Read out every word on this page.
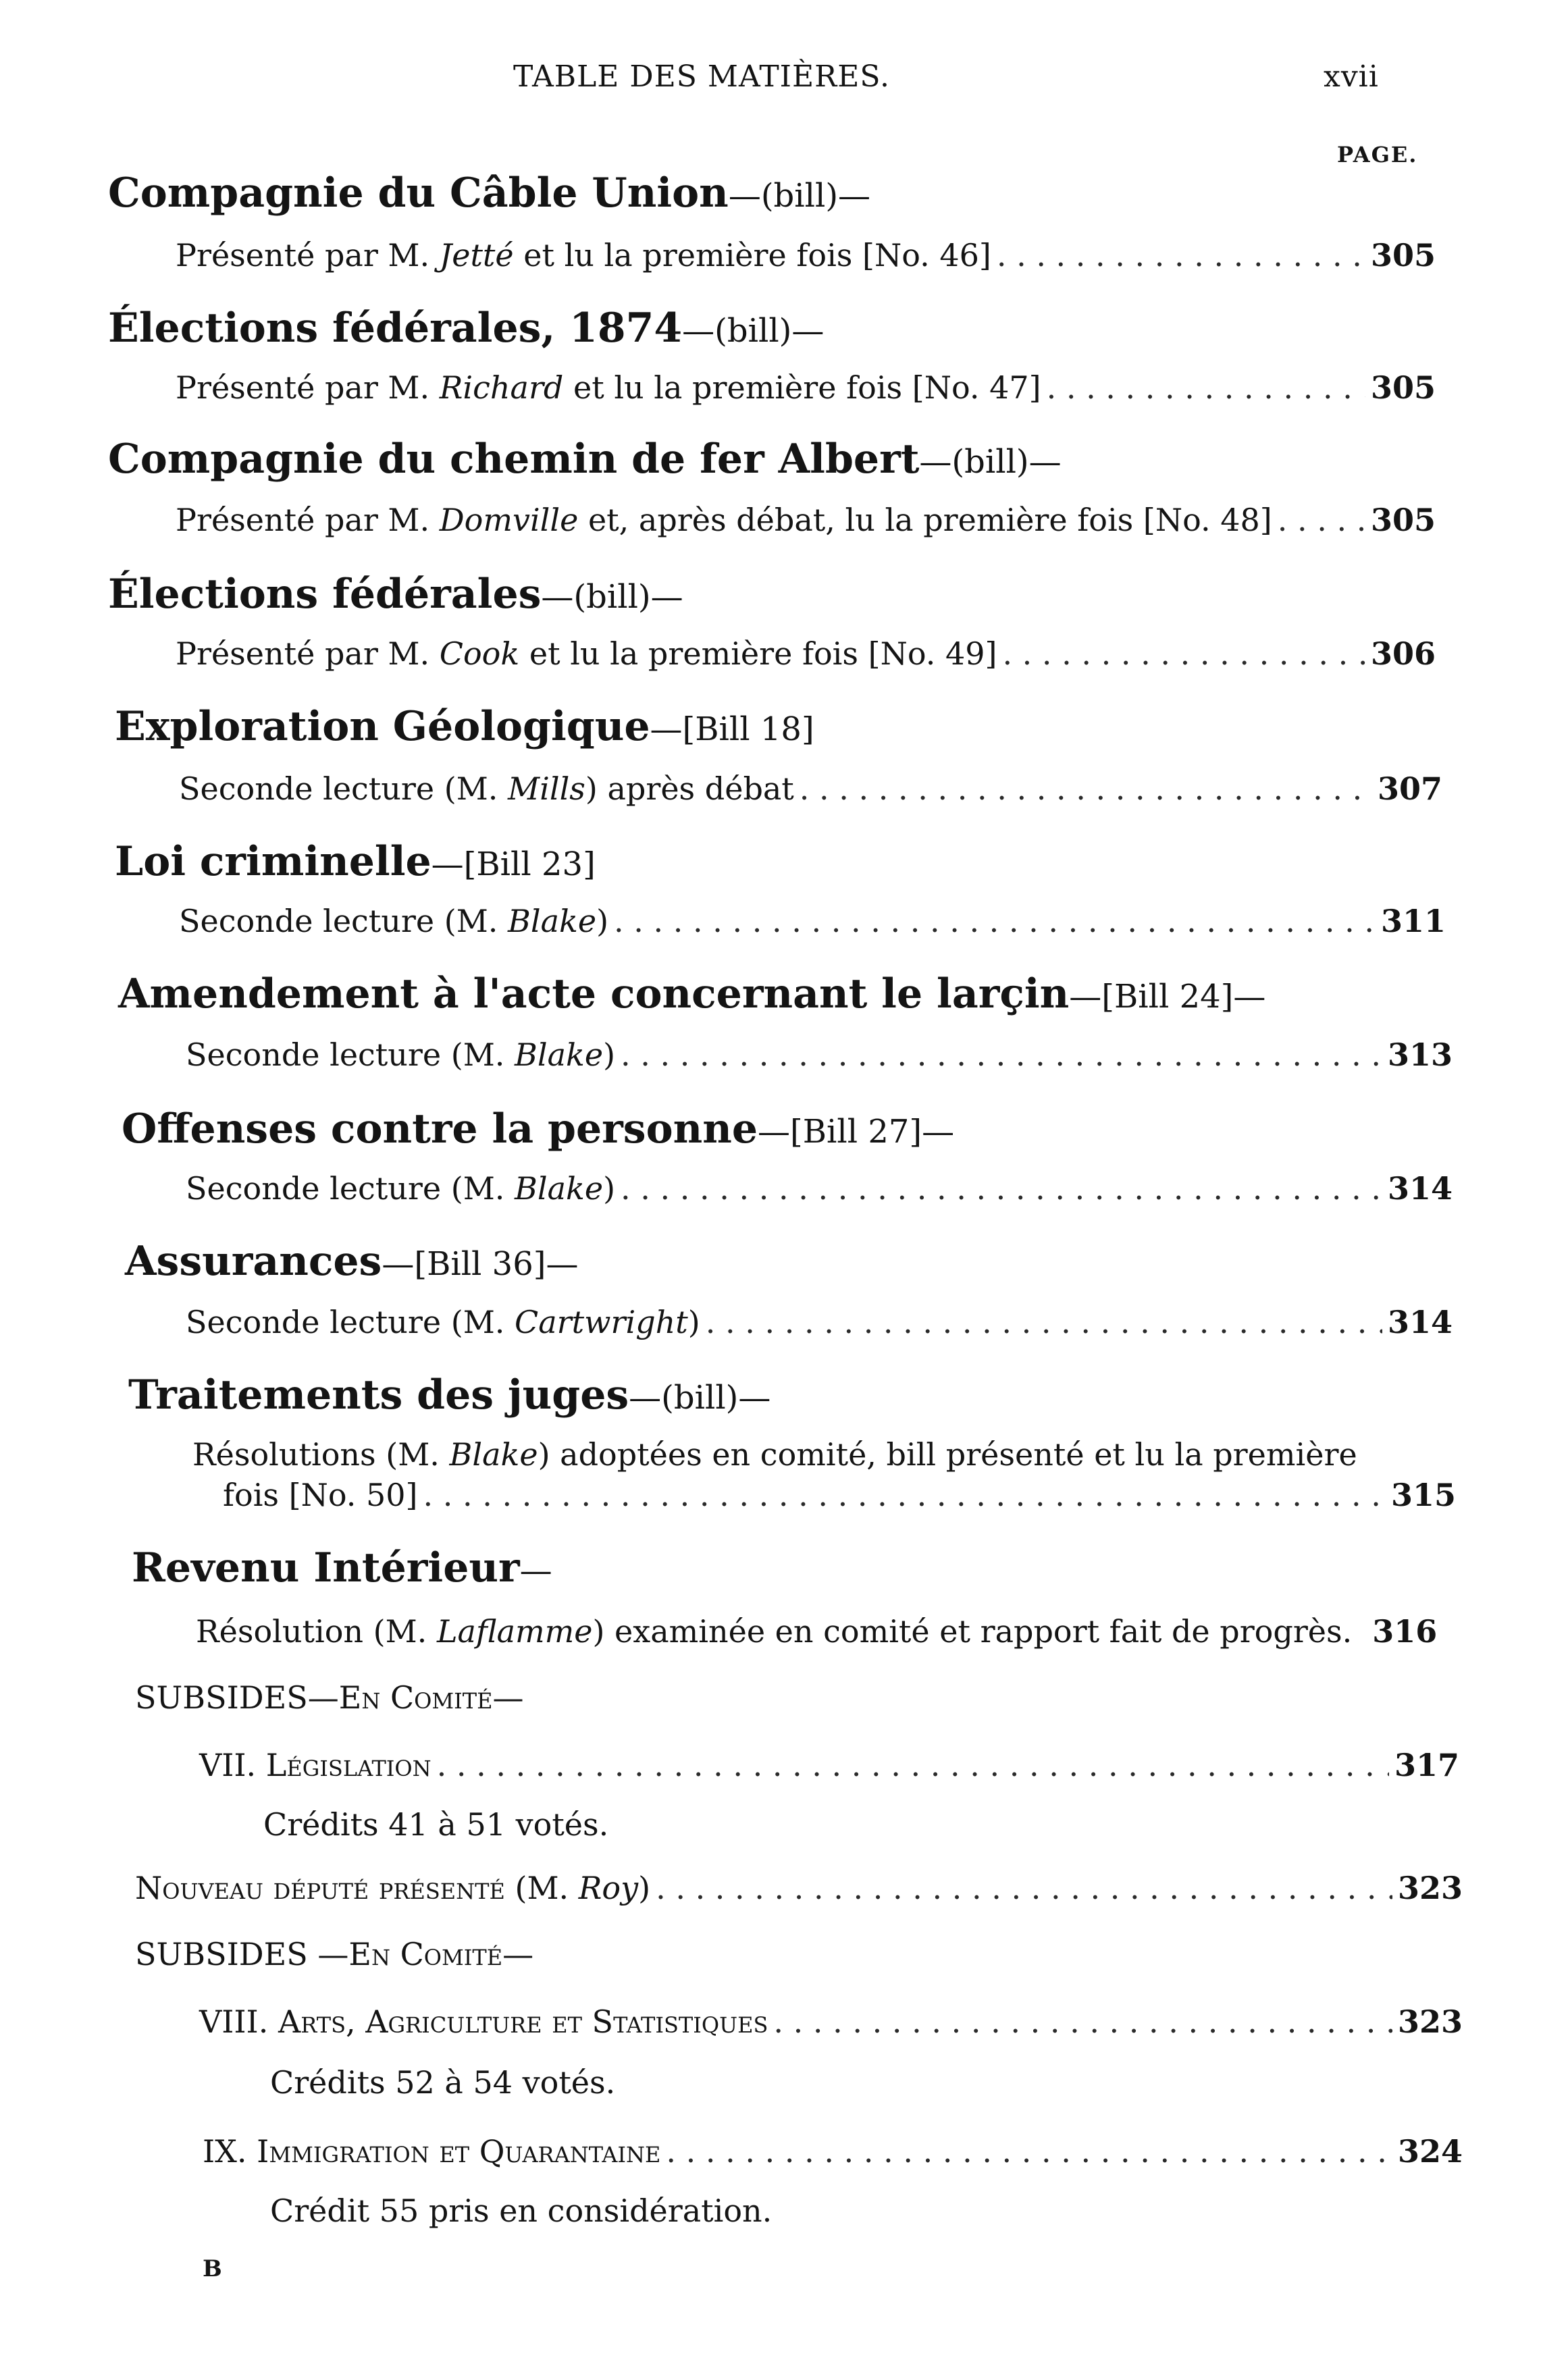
TABLE DES MATIÈRES.	xvii
PAGE.
Compagnie du Câble Union—(bill)—
Présenté par M. Jetté et lu la première fois [No. 46] . . .	305
Élections fédérales, 1874—(bill)—
Présenté par M. Richard et lu la première fois [No. 47] . . .	305
Compagnie du chemin de fer Albert—(bill)—
Présenté par M. Domville et, après débat, lu la première fois [No. 48] . . .	305
Élections fédérales—(bill)—
Présenté par M. Cook et lu la première fois [No. 49] . . .	306
Exploration Géologique—[Bill 18]
Seconde lecture (M. Mills) après débat . . .	307
Loi criminelle—[Bill 23]
Seconde lecture (M. Blake) . . .	311
Amendement à l'acte concernant le larçin—[Bill 24]—
Seconde lecture (M. Blake) . . .	313
Offenses contre la personne—[Bill 27]—
Seconde lecture (M. Blake) . . .	314
Assurances—[Bill 36]—
Seconde lecture (M. Cartwright) . . .	314
Traitements des juges—(bill)—
Résolutions (M. Blake) adoptées en comité, bill présenté et lu la première
fois [No. 50] . . .	315
Revenu Intérieur—
Résolution (M. Laflamme) examinée en comité et rapport fait de progrès. 316
SUBSIDES—En Comité—
VII. Législation . . .	317
Crédits 41 à 51 votés.
Nouveau député présenté (M. Roy) . . .	323
SUBSIDES —En Comité—
VIII. Arts, Agriculture et Statistiques . . .	323
Crédits 52 à 54 votés.
IX. Immigration et Quarantaine . . .	324
Crédit 55 pris en considération.
B
